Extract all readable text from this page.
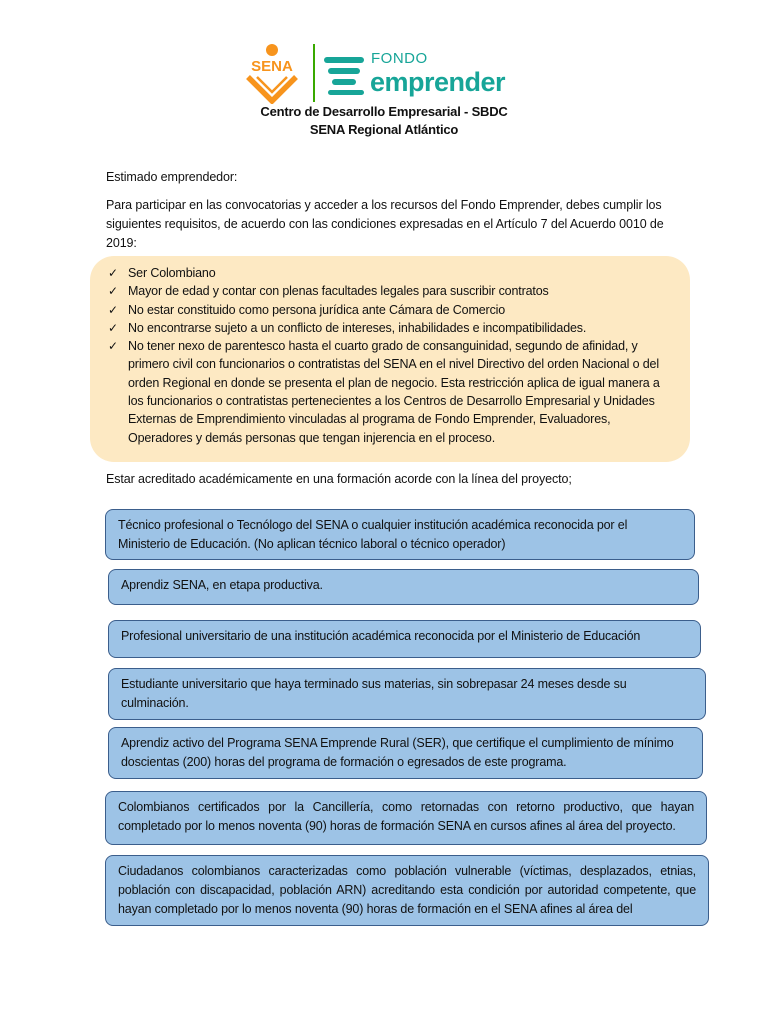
SENA	FONDO
emprender
Centro de Desarrollo Empresarial - SBDC
SENA Regional Atlántico
Estimado emprendedor:
Para participar en las convocatorias y acceder a los recursos del Fondo Emprender, debes cumplir los siguientes requisitos, de acuerdo con las condiciones expresadas en el Artículo 7 del Acuerdo 0010 de 2019:
✓ Ser Colombiano
✓ Mayor de edad y contar con plenas facultades legales para suscribir contratos
✓ No estar constituido como persona jurídica ante Cámara de Comercio
✓ No encontrarse sujeto a un conflicto de intereses, inhabilidades e incompatibilidades.
✓ No tener nexo de parentesco hasta el cuarto grado de consanguinidad, segundo de afinidad, y primero civil con funcionarios o contratistas del SENA en el nivel Directivo del orden Nacional o del orden Regional en donde se presenta el plan de negocio. Esta restricción aplica de igual manera a los funcionarios o contratistas pertenecientes a los Centros de Desarrollo Empresarial y Unidades Externas de Emprendimiento vinculadas al programa de Fondo Emprender, Evaluadores, Operadores y demás personas que tengan injerencia en el proceso.
Estar acreditado académicamente en una formación acorde con la línea del proyecto;
Técnico profesional o Tecnólogo del SENA o cualquier institución académica reconocida por el Ministerio de Educación. (No aplican técnico laboral o técnico operador)
Aprendiz SENA, en etapa productiva.
Profesional universitario de una institución académica reconocida por el Ministerio de Educación
Estudiante universitario que haya terminado sus materias, sin sobrepasar 24 meses desde su culminación.
Aprendiz activo del Programa SENA Emprende Rural (SER), que certifique el cumplimiento de mínimo doscientas (200) horas del programa de formación o egresados de este programa.
Colombianos certificados por la Cancillería, como retornadas con retorno productivo, que hayan completado por lo menos noventa (90) horas de formación SENA en cursos afines al área del proyecto.
Ciudadanos colombianos caracterizadas como población vulnerable (víctimas, desplazados, etnias, población con discapacidad, población ARN) acreditando esta condición por autoridad competente, que hayan completado por lo menos noventa (90) horas de formación en el SENA afines al área del
